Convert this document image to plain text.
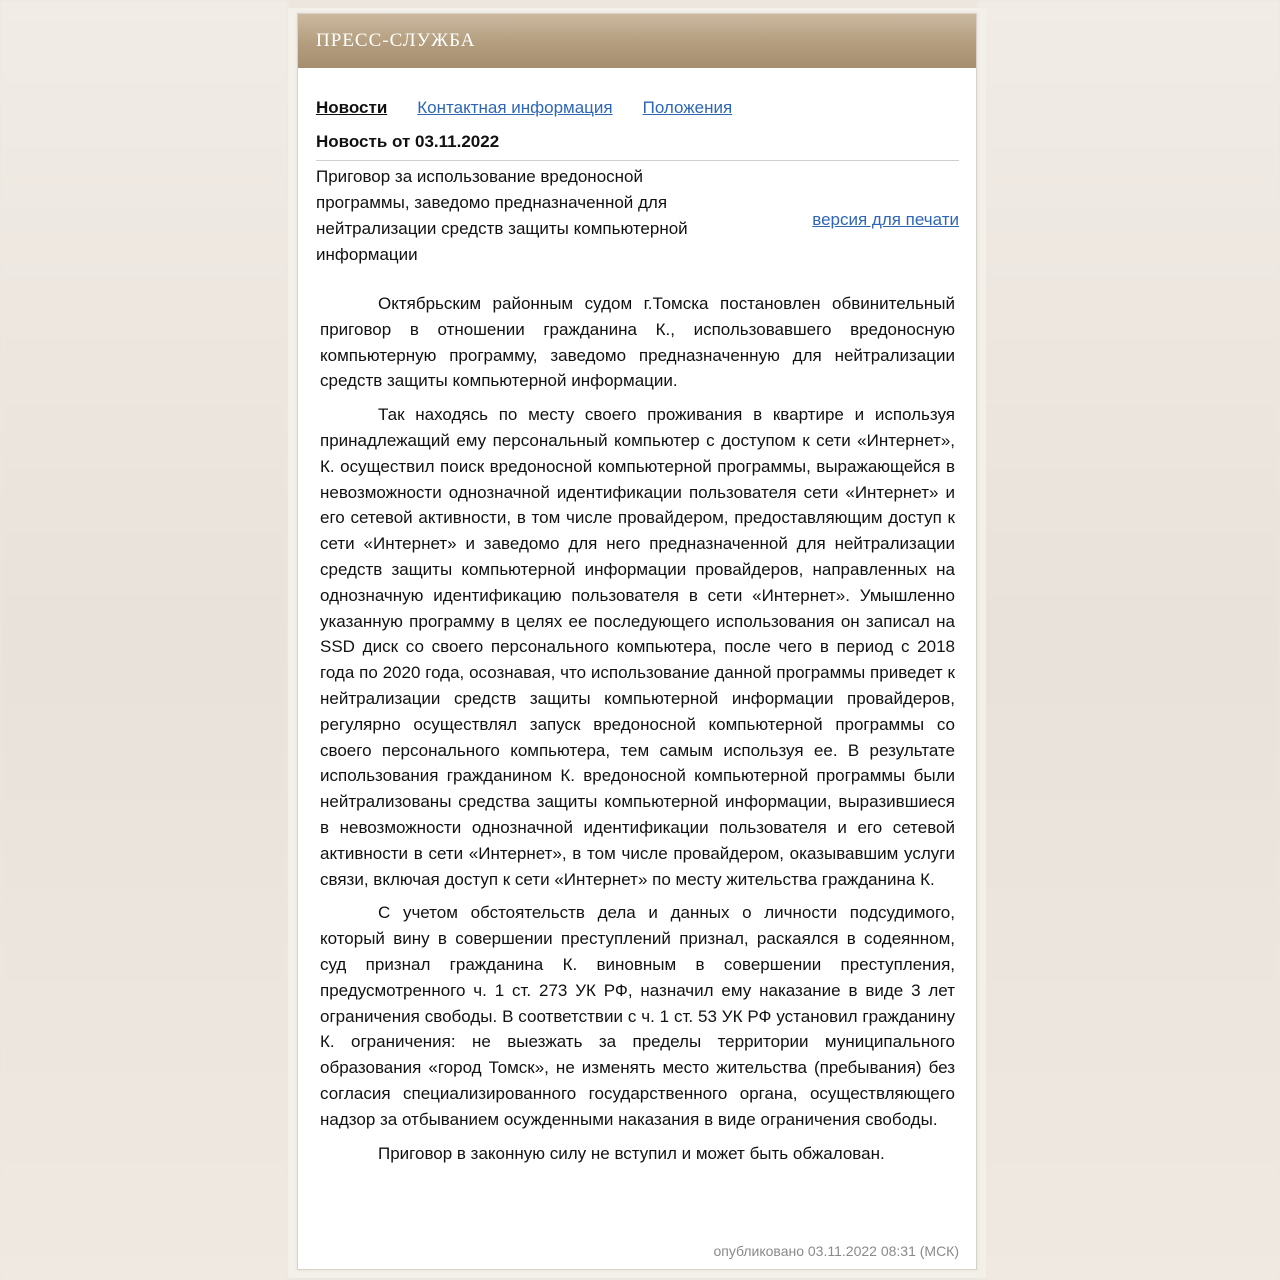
ПРЕСС-СЛУЖБА
Новости Контактная информация Положения
Новость от 03.11.2022
Приговор за использование вредоносной программы, заведомо предназначенной для нейтрализации средств защиты компьютерной информации
версия для печати

Октябрьским районным судом г.Томска постановлен обвинительный приговор в отношении гражданина К., использовавшего вредоносную компьютерную программу, заведомо предназначенную для нейтрализации средств защиты компьютерной информации.

Так находясь по месту своего проживания в квартире и используя принадлежащий ему персональный компьютер с доступом к сети «Интернет», К. осуществил поиск вредоносной компьютерной программы, выражающейся в невозможности однозначной идентификации пользователя сети «Интернет» и его сетевой активности, в том числе провайдером, предоставляющим доступ к сети «Интернет» и заведомо для него предназначенной для нейтрализации средств защиты компьютерной информации провайдеров, направленных на однозначную идентификацию пользователя в сети «Интернет». Умышленно указанную программу в целях ее последующего использования он записал на SSD диск со своего персонального компьютера, после чего в период с 2018 года по 2020 года, осознавая, что использование данной программы приведет к нейтрализации средств защиты компьютерной информации провайдеров, регулярно осуществлял запуск вредоносной компьютерной программы со своего персонального компьютера, тем самым используя ее. В результате использования гражданином К. вредоносной компьютерной программы были нейтрализованы средства защиты компьютерной информации, выразившиеся в невозможности однозначной идентификации пользователя и его сетевой активности в сети «Интернет», в том числе провайдером, оказывавшим услуги связи, включая доступ к сети «Интернет» по месту жительства гражданина К.

С учетом обстоятельств дела и данных о личности подсудимого, который вину в совершении преступлений признал, раскаялся в содеянном, суд признал гражданина К. виновным в совершении преступления, предусмотренного ч. 1 ст. 273 УК РФ, назначил ему наказание в виде 3 лет ограничения свободы. В соответствии с ч. 1 ст. 53 УК РФ установил гражданину К. ограничения: не выезжать за пределы территории муниципального образования «город Томск», не изменять место жительства (пребывания) без согласия специализированного государственного органа, осуществляющего надзор за отбыванием осужденными наказания в виде ограничения свободы.

Приговор в законную силу не вступил и может быть обжалован.

опубликовано 03.11.2022 08:31 (МСК)
